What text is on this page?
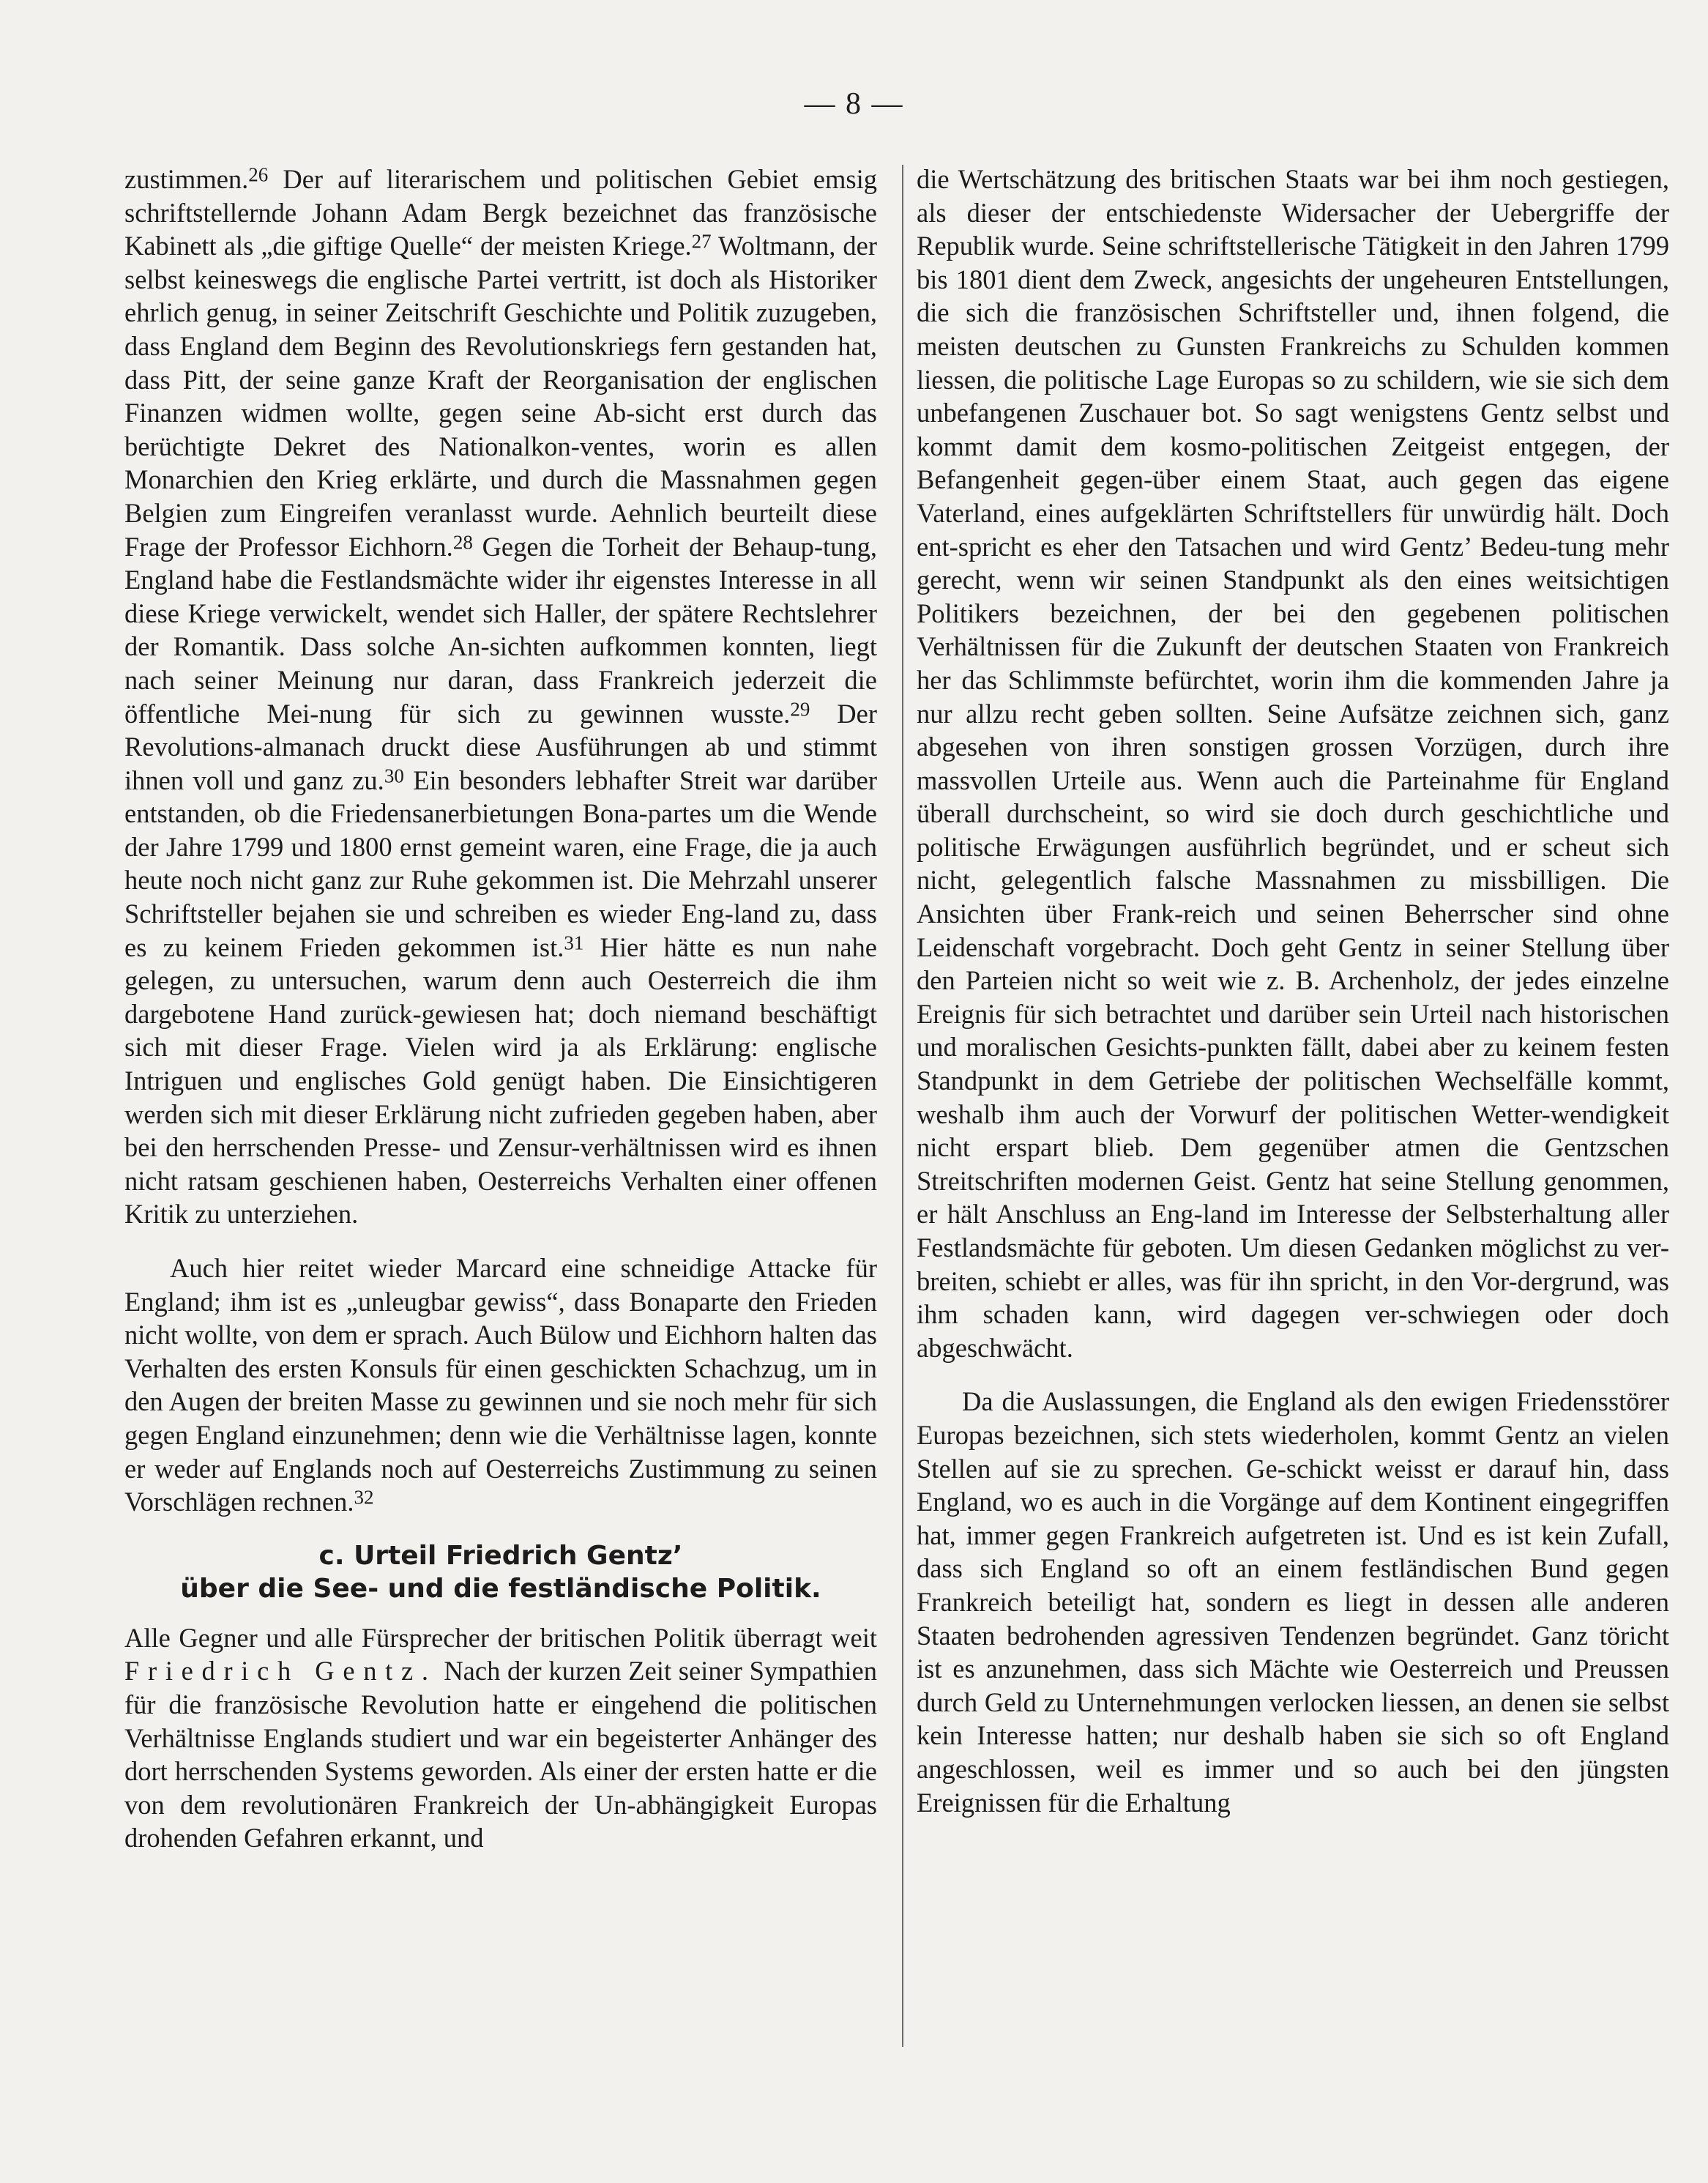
— 8 —

zustimmen.$^{26}$ Der auf literarischem und politischen Gebiet emsig schriftstellernde Johann Adam Bergk bezeichnet das französische Kabinett als „die giftige Quelle“ der meisten Kriege.$^{27}$ Woltmann, der selbst keineswegs die englische Partei vertritt, ist doch als Historiker ehrlich genug, in seiner Zeitschrift Geschichte und Politik zuzugeben, dass England dem Beginn des Revolutionskriegs fern gestanden hat, dass Pitt, der seine ganze Kraft der Reorganisation der englischen Finanzen widmen wollte, gegen seine Ab-sicht erst durch das berüchtigte Dekret des Nationalkon-ventes, worin es allen Monarchien den Krieg erklärte, und durch die Massnahmen gegen Belgien zum Eingreifen veranlasst wurde. Aehnlich beurteilt diese Frage der Professor Eichhorn.$^{28}$ Gegen die Torheit der Behaup-tung, England habe die Festlandsmächte wider ihr eigenstes Interesse in all diese Kriege verwickelt, wendet sich Haller, der spätere Rechtslehrer der Romantik. Dass solche An-sichten aufkommen konnten, liegt nach seiner Meinung nur daran, dass Frankreich jederzeit die öffentliche Mei-nung für sich zu gewinnen wusste.$^{29}$ Der Revolutions-almanach druckt diese Ausführungen ab und stimmt ihnen voll und ganz zu.$^{30}$ Ein besonders lebhafter Streit war darüber entstanden, ob die Friedensanerbietungen Bona-partes um die Wende der Jahre 1799 und 1800 ernst gemeint waren, eine Frage, die ja auch heute noch nicht ganz zur Ruhe gekommen ist. Die Mehrzahl unserer Schriftsteller bejahen sie und schreiben es wieder Eng-land zu, dass es zu keinem Frieden gekommen ist.$^{31}$ Hier hätte es nun nahe gelegen, zu untersuchen, warum denn auch Oesterreich die ihm dargebotene Hand zurück-gewiesen hat; doch niemand beschäftigt sich mit dieser Frage. Vielen wird ja als Erklärung: englische Intriguen und englisches Gold genügt haben. Die Einsichtigeren werden sich mit dieser Erklärung nicht zufrieden gegeben haben, aber bei den herrschenden Presse- und Zensur-verhältnissen wird es ihnen nicht ratsam geschienen haben, Oesterreichs Verhalten einer offenen Kritik zu unterziehen.

Auch hier reitet wieder Marcard eine schneidige Attacke für England; ihm ist es „unleugbar gewiss“, dass Bonaparte den Frieden nicht wollte, von dem er sprach. Auch Bülow und Eichhorn halten das Verhalten des ersten Konsuls für einen geschickten Schachzug, um in den Augen der breiten Masse zu gewinnen und sie noch mehr für sich gegen England einzunehmen; denn wie die Verhältnisse lagen, konnte er weder auf Englands noch auf Oesterreichs Zustimmung zu seinen Vorschlägen rechnen.$^{32}$

c. Urteil Friedrich Gentz’
über die See- und die festländische Politik.

Alle Gegner und alle Fürsprecher der britischen Politik überragt weit Friedrich Gentz. Nach der kurzen Zeit seiner Sympathien für die französische Revolution hatte er eingehend die politischen Verhältnisse Englands studiert und war ein begeisterter Anhänger des dort herrschenden Systems geworden. Als einer der ersten hatte er die von dem revolutionären Frankreich der Un-abhängigkeit Europas drohenden Gefahren erkannt, und

die Wertschätzung des britischen Staats war bei ihm noch gestiegen, als dieser der entschiedenste Widersacher der Uebergriffe der Republik wurde. Seine schriftstellerische Tätigkeit in den Jahren 1799 bis 1801 dient dem Zweck, angesichts der ungeheuren Entstellungen, die sich die französischen Schriftsteller und, ihnen folgend, die meisten deutschen zu Gunsten Frankreichs zu Schulden kommen liessen, die politische Lage Europas so zu schildern, wie sie sich dem unbefangenen Zuschauer bot. So sagt wenigstens Gentz selbst und kommt damit dem kosmo-politischen Zeitgeist entgegen, der Befangenheit gegen-über einem Staat, auch gegen das eigene Vaterland, eines aufgeklärten Schriftstellers für unwürdig hält. Doch ent-spricht es eher den Tatsachen und wird Gentz’ Bedeu-tung mehr gerecht, wenn wir seinen Standpunkt als den eines weitsichtigen Politikers bezeichnen, der bei den gegebenen politischen Verhältnissen für die Zukunft der deutschen Staaten von Frankreich her das Schlimmste befürchtet, worin ihm die kommenden Jahre ja nur allzu recht geben sollten. Seine Aufsätze zeichnen sich, ganz abgesehen von ihren sonstigen grossen Vorzügen, durch ihre massvollen Urteile aus. Wenn auch die Parteinahme für England überall durchscheint, so wird sie doch durch geschichtliche und politische Erwägungen ausführlich begründet, und er scheut sich nicht, gelegentlich falsche Massnahmen zu missbilligen. Die Ansichten über Frank-reich und seinen Beherrscher sind ohne Leidenschaft vorgebracht. Doch geht Gentz in seiner Stellung über den Parteien nicht so weit wie z. B. Archenholz, der jedes einzelne Ereignis für sich betrachtet und darüber sein Urteil nach historischen und moralischen Gesichts-punkten fällt, dabei aber zu keinem festen Standpunkt in dem Getriebe der politischen Wechselfälle kommt, weshalb ihm auch der Vorwurf der politischen Wetter-wendigkeit nicht erspart blieb. Dem gegenüber atmen die Gentzschen Streitschriften modernen Geist. Gentz hat seine Stellung genommen, er hält Anschluss an Eng-land im Interesse der Selbsterhaltung aller Festlandsmächte für geboten. Um diesen Gedanken möglichst zu ver-breiten, schiebt er alles, was für ihn spricht, in den Vor-dergrund, was ihm schaden kann, wird dagegen ver-schwiegen oder doch abgeschwächt.

Da die Auslassungen, die England als den ewigen Friedensstörer Europas bezeichnen, sich stets wiederholen, kommt Gentz an vielen Stellen auf sie zu sprechen. Ge-schickt weisst er darauf hin, dass England, wo es auch in die Vorgänge auf dem Kontinent eingegriffen hat, immer gegen Frankreich aufgetreten ist. Und es ist kein Zufall, dass sich England so oft an einem festländischen Bund gegen Frankreich beteiligt hat, sondern es liegt in dessen alle anderen Staaten bedrohenden agressiven Tendenzen begründet. Ganz töricht ist es anzunehmen, dass sich Mächte wie Oesterreich und Preussen durch Geld zu Unternehmungen verlocken liessen, an denen sie selbst kein Interesse hatten; nur deshalb haben sie sich so oft England angeschlossen, weil es immer und so auch bei den jüngsten Ereignissen für die Erhaltung
